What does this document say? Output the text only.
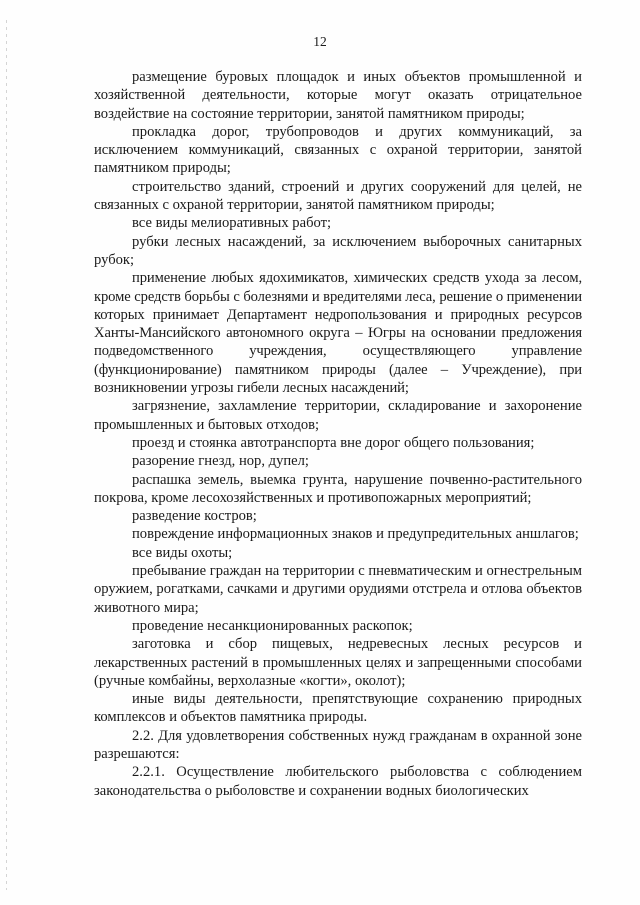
12

размещение буровых площадок и иных объектов промышленной и хозяйственной деятельности, которые могут оказать отрицательное воздействие на состояние территории, занятой памятником природы;

прокладка дорог, трубопроводов и других коммуникаций, за исключением коммуникаций, связанных с охраной территории, занятой памятником природы;

строительство зданий, строений и других сооружений для целей, не связанных с охраной территории, занятой памятником природы;

все виды мелиоративных работ;

рубки лесных насаждений, за исключением выборочных санитарных рубок;

применение любых ядохимикатов, химических средств ухода за лесом, кроме средств борьбы с болезнями и вредителями леса, решение о применении которых принимает Департамент недропользования и природных ресурсов Ханты-Мансийского автономного округа – Югры на основании предложения подведомственного учреждения, осуществляющего управление (функционирование) памятником природы (далее – Учреждение), при возникновении угрозы гибели лесных насаждений;

загрязнение, захламление территории, складирование и захоронение промышленных и бытовых отходов;

проезд и стоянка автотранспорта вне дорог общего пользования;

разорение гнезд, нор, дупел;

распашка земель, выемка грунта, нарушение почвенно-растительного покрова, кроме лесохозяйственных и противопожарных мероприятий;

разведение костров;

повреждение информационных знаков и предупредительных аншлагов;

все виды охоты;

пребывание граждан на территории с пневматическим и огнестрельным оружием, рогатками, сачками и другими орудиями отстрела и отлова объектов животного мира;

проведение несанкционированных раскопок;

заготовка и сбор пищевых, недревесных лесных ресурсов и лекарственных растений в промышленных целях и запрещенными способами (ручные комбайны, верхолазные «когти», околот);

иные виды деятельности, препятствующие сохранению природных комплексов и объектов памятника природы.

2.2. Для удовлетворения собственных нужд гражданам в охранной зоне разрешаются:

2.2.1. Осуществление любительского рыболовства с соблюдением законодательства о рыболовстве и сохранении водных биологических
